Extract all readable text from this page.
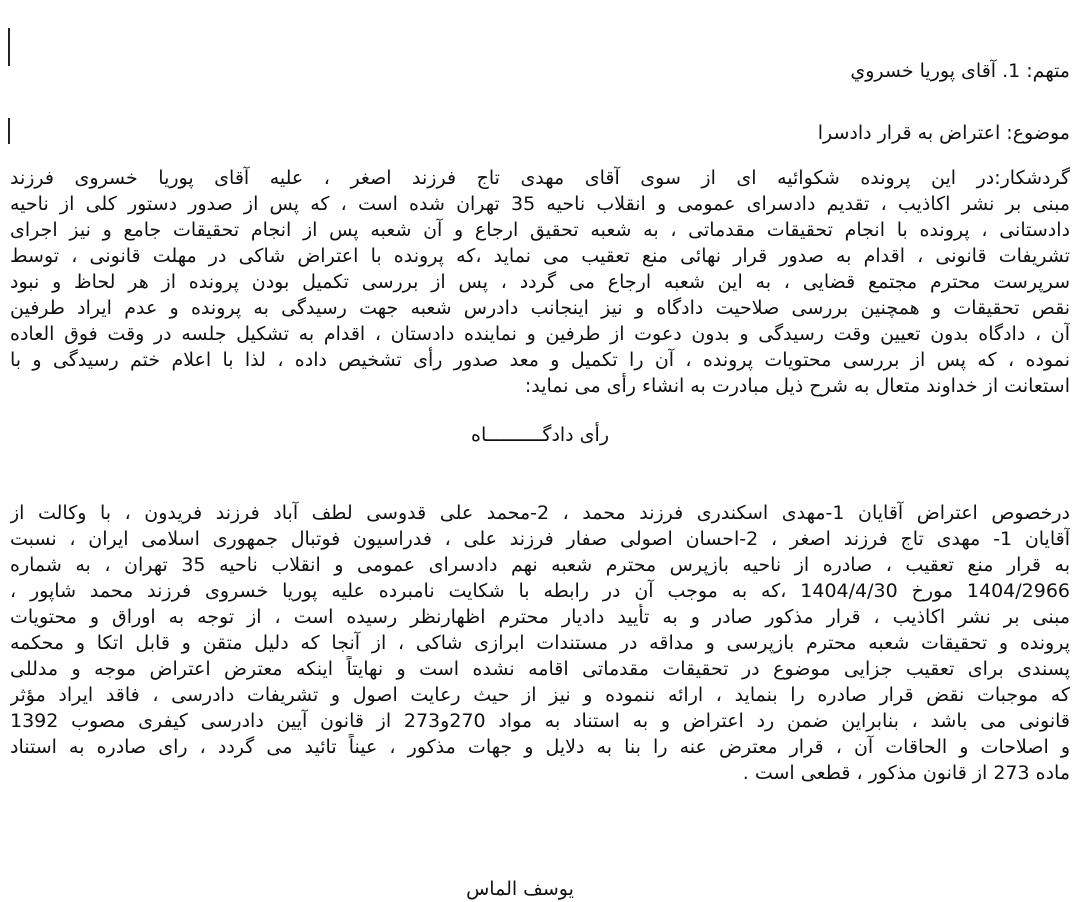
متهم: 1. آقای پوریا خسروي
موضوع: اعتراض به قرار دادسرا
گردشکار:در این پرونده شکوائیه ای از سوی آقای مهدی تاج فرزند اصغر ، علیه آقای پوریا خسروی فرزند
مبنی بر نشر اکاذیب ، تقدیم دادسرای عمومی و انقلاب ناحیه 35 تهران شده است ، که پس از صدور دستور کلی از ناحیه
دادستانی ، پرونده با انجام تحقیقات مقدماتی ، به شعبه تحقیق ارجاع و آن شعبه پس از انجام تحقیقات جامع و نیز اجرای
تشریفات قانونی ، اقدام به صدور قرار نهائی منع تعقیب می نماید ،که پرونده با اعتراض شاکی در مهلت قانونی ، توسط
سرپرست محترم مجتمع قضایی ، به این شعبه ارجاع می گردد ، پس از بررسی تکمیل بودن پرونده از هر لحاظ و نبود
نقص تحقیقات و همچنین بررسی صلاحیت دادگاه و نیز اینجانب دادرس شعبه جهت رسیدگی به پرونده و عدم ایراد طرفین
آن ، دادگاه بدون تعیین وقت رسیدگی و بدون دعوت از طرفین و نماینده دادستان ، اقدام به تشکیل جلسه در وقت فوق العاده
نموده ، که پس از بررسی محتویات پرونده ، آن را تکمیل و معد صدور رأی تشخیص داده ، لذا با اعلام ختم رسیدگی و با
استعانت از خداوند متعال به شرح ذیل مبادرت به انشاء رأی می نماید:
رأی دادگــــــــــاه
درخصوص اعتراض آقایان 1-مهدی اسکندری فرزند محمد ، 2-محمد علی قدوسی لطف آباد فرزند فریدون ، با وکالت از
آقایان 1- مهدی تاج فرزند اصغر ، 2-احسان اصولی صفار فرزند علی ، فدراسیون فوتبال جمهوری اسلامی ایران ، نسبت
به قرار منع تعقیب ، صادره از ناحیه بازپرس محترم شعبه نهم دادسرای عمومی و انقلاب ناحیه 35 تهران ، به شماره
1404/2966 مورخ 1404/4/30 ،که به موجب آن در رابطه با شکایت نامبرده علیه پوریا خسروی فرزند محمد شاپور ،
مبنی بر نشر اکاذیب ، قرار مذکور صادر و به تأیید دادیار محترم اظهارنظر رسیده است ، از توجه به اوراق و محتویات
پرونده و تحقیقات شعبه محترم بازپرسی و مداقه در مستندات ابرازی شاکی ، از آنجا که دلیل متقن و قابل اتکا و محکمه
پسندی برای تعقیب جزایی موضوع در تحقیقات مقدماتی اقامه نشده است و نهایتاً اینکه معترض اعتراض موجه و مدللی
که موجبات نقض قرار صادره را بنماید ، ارائه ننموده و نیز از حیث رعایت اصول و تشریفات دادرسی ، فاقد ایراد مؤثر
قانونی می باشد ، بنابراین ضمن رد اعتراض و به استناد به مواد 270و273 از قانون آیین دادرسی کیفری مصوب 1392
و اصلاحات و الحاقات آن ، قرار معترض عنه را بنا به دلایل و جهات مذکور ، عیناً تائید می گردد ، رای صادره به استناد
ماده 273 از قانون مذکور ، قطعی است .
یوسف الماس
